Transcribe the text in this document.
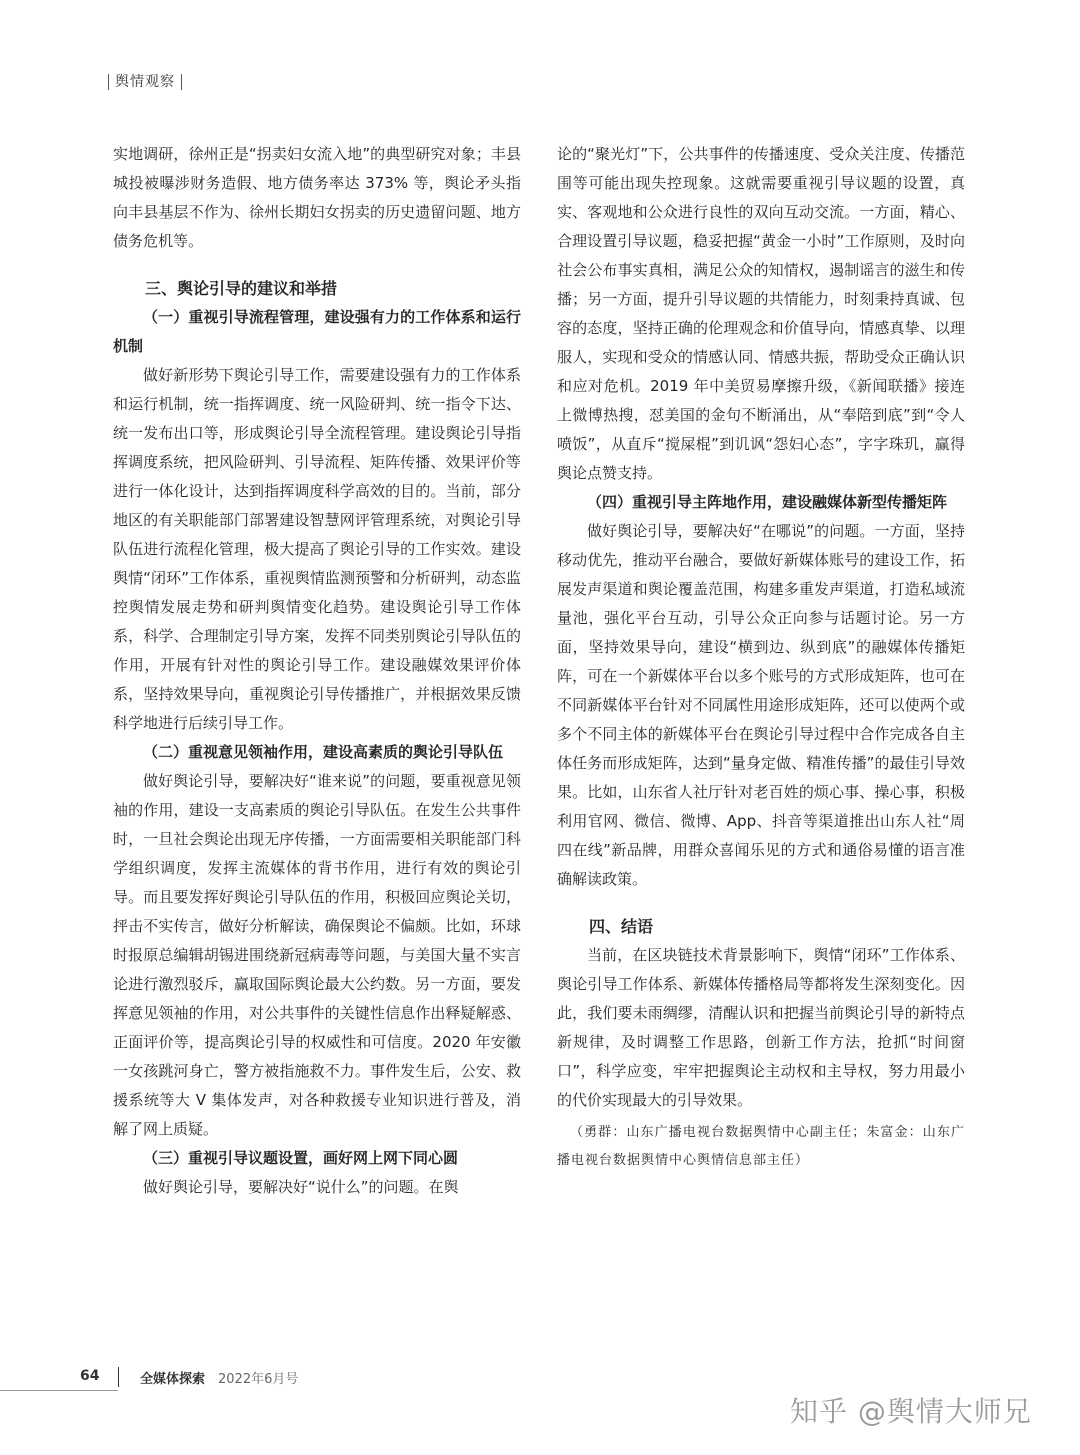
舆情观察

实地调研，徐州正是“拐卖妇女流入地”的典型研究对象；丰县城投被曝涉财务造假、地方债务率达 373% 等，舆论矛头指向丰县基层不作为、徐州长期妇女拐卖的历史遗留问题、地方债务危机等。

三、舆论引导的建议和举措

（一）重视引导流程管理，建设强有力的工作体系和运行机制

做好新形势下舆论引导工作，需要建设强有力的工作体系和运行机制，统一指挥调度、统一风险研判、统一指令下达、统一发布出口等，形成舆论引导全流程管理。建设舆论引导指挥调度系统，把风险研判、引导流程、矩阵传播、效果评价等进行一体化设计，达到指挥调度科学高效的目的。当前，部分地区的有关职能部门部署建设智慧网评管理系统，对舆论引导队伍进行流程化管理，极大提高了舆论引导的工作实效。建设舆情“闭环”工作体系，重视舆情监测预警和分析研判，动态监控舆情发展走势和研判舆情变化趋势。建设舆论引导工作体系，科学、合理制定引导方案，发挥不同类别舆论引导队伍的作用，开展有针对性的舆论引导工作。建设融媒效果评价体系，坚持效果导向，重视舆论引导传播推广，并根据效果反馈科学地进行后续引导工作。

（二）重视意见领袖作用，建设高素质的舆论引导队伍

做好舆论引导，要解决好“谁来说”的问题，要重视意见领袖的作用，建设一支高素质的舆论引导队伍。在发生公共事件时，一旦社会舆论出现无序传播，一方面需要相关职能部门科学组织调度，发挥主流媒体的背书作用，进行有效的舆论引导。而且要发挥好舆论引导队伍的作用，积极回应舆论关切，抨击不实传言，做好分析解读，确保舆论不偏颇。比如，环球时报原总编辑胡锡进围绕新冠病毒等问题，与美国大量不实言论进行激烈驳斥，赢取国际舆论最大公约数。另一方面，要发挥意见领袖的作用，对公共事件的关键性信息作出释疑解惑、正面评价等，提高舆论引导的权威性和可信度。2020 年安徽一女孩跳河身亡，警方被指施救不力。事件发生后，公安、救援系统等大 V 集体发声，对各种救援专业知识进行普及，消解了网上质疑。

（三）重视引导议题设置，画好网上网下同心圆

做好舆论引导，要解决好“说什么”的问题。在舆

论的“聚光灯”下，公共事件的传播速度、受众关注度、传播范围等可能出现失控现象。这就需要重视引导议题的设置，真实、客观地和公众进行良性的双向互动交流。一方面，精心、合理设置引导议题，稳妥把握“黄金一小时”工作原则，及时向社会公布事实真相，满足公众的知情权，遏制谣言的滋生和传播；另一方面，提升引导议题的共情能力，时刻秉持真诚、包容的态度，坚持正确的伦理观念和价值导向，情感真挚、以理服人，实现和受众的情感认同、情感共振，帮助受众正确认识和应对危机。2019 年中美贸易摩擦升级，《新闻联播》接连上微博热搜，怼美国的金句不断涌出，从“奉陪到底”到“令人喷饭”，从直斥“搅屎棍”到讥讽“怨妇心态”，字字珠玑，赢得舆论点赞支持。

（四）重视引导主阵地作用，建设融媒体新型传播矩阵

做好舆论引导，要解决好“在哪说”的问题。一方面，坚持移动优先，推动平台融合，要做好新媒体账号的建设工作，拓展发声渠道和舆论覆盖范围，构建多重发声渠道，打造私域流量池，强化平台互动，引导公众正向参与话题讨论。另一方面，坚持效果导向，建设“横到边、纵到底”的融媒体传播矩阵，可在一个新媒体平台以多个账号的方式形成矩阵，也可在不同新媒体平台针对不同属性用途形成矩阵，还可以使两个或多个不同主体的新媒体平台在舆论引导过程中合作完成各自主体任务而形成矩阵，达到“量身定做、精准传播”的最佳引导效果。比如，山东省人社厅针对老百姓的烦心事、操心事，积极利用官网、微信、微博、App、抖音等渠道推出山东人社“周四在线”新品牌，用群众喜闻乐见的方式和通俗易懂的语言准确解读政策。

四、结语

当前，在区块链技术背景影响下，舆情“闭环”工作体系、舆论引导工作体系、新媒体传播格局等都将发生深刻变化。因此，我们要未雨绸缪，清醒认识和把握当前舆论引导的新特点新规律，及时调整工作思路，创新工作方法，抢抓“时间窗口”，科学应变，牢牢把握舆论主动权和主导权，努力用最小的代价实现最大的引导效果。

（勇群：山东广播电视台数据舆情中心副主任；朱富金：山东广播电视台数据舆情中心舆情信息部主任）

64	全媒体探索 2022年6月号
知乎 @舆情大师兄
